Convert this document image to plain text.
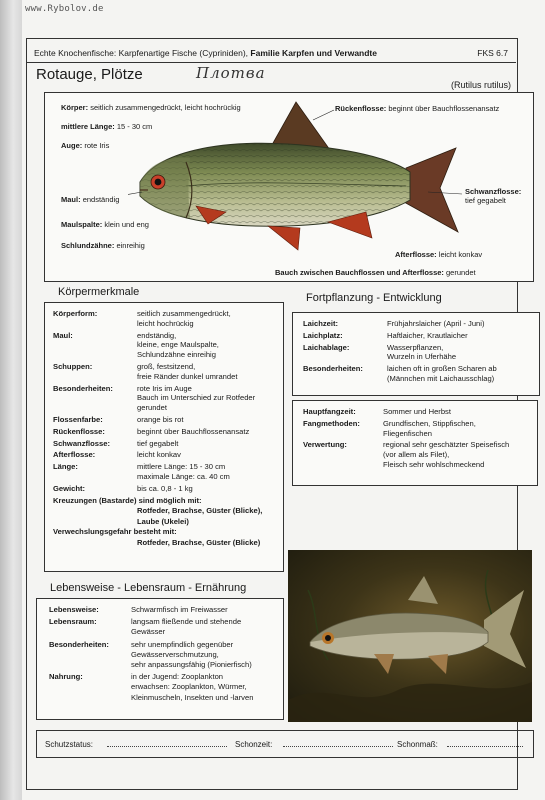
www.Rybolov.de
Echte Knochenfische: Karpfenartige Fische (Cypriniden), Familie Karpfen und Verwandte	FKS 6.7
Rotauge, Plötze	Плотва
(Rutilus rutilus)
Körper: seitlich zusammengedrückt, leicht hochrückig
mittlere Länge: 15 - 30 cm
Auge: rote Iris
Maul: endständig
Maulspalte: klein und eng
Schlundzähne: einreihig
Rückenflosse: beginnt über Bauchflossenansatz
Schwanzflosse:
tief gegabelt
Afterflosse: leicht konkav
Bauch zwischen Bauchflossen und Afterflosse: gerundet
Körpermerkmale
Körperform:	seitlich zusammengedrückt,
leicht hochrückig
Maul:	endständig,
kleine, enge Maulspalte,
Schlundzähne einreihig
Schuppen:	groß, festsitzend,
freie Ränder dunkel umrandet
Besonderheiten:	rote Iris im Auge
Bauch im Unterschied zur Rotfeder
gerundet
Flossenfarbe:	orange bis rot
Rückenflosse:	beginnt über Bauchflossenansatz
Schwanzflosse:	tief gegabelt
Afterflosse:	leicht konkav
Länge:	mittlere Länge: 15 - 30 cm
maximale Länge: ca. 40 cm
Gewicht:	bis ca. 0,8 - 1 kg
Kreuzungen (Bastarde) sind möglich mit:
Rotfeder, Brachse, Güster (Blicke),
Laube (Ukelei)
Verwechslungsgefahr besteht mit:
Rotfeder, Brachse, Güster (Blicke)
Fortpflanzung - Entwicklung
Laichzeit:	Frühjahrslaicher (April - Juni)
Laichplatz:	Haftlaicher, Krautlaicher
Laichablage:	Wasserpflanzen,
Wurzeln in Uferhähe
Besonderheiten:	laichen oft in großen Scharen ab
(Männchen mit Laichausschlag)
Hauptfangzeit:	Sommer und Herbst
Fangmethoden:	Grundfischen, Stippfischen,
Fliegenfischen
Verwertung:	regional sehr geschätzter Speisefisch
(vor allem als Filet),
Fleisch sehr wohlschmeckend
Lebensweise - Lebensraum - Ernährung
Lebensweise:	Schwarmfisch im Freiwasser
Lebensraum:	langsam fließende und stehende
Gewässer
Besonderheiten:	sehr unempfindlich gegenüber
Gewässerverschmutzung,
sehr anpassungsfähig (Pionierfisch)
Nahrung:	in der Jugend: Zooplankton
erwachsen: Zooplankton, Würmer,
Kleinmuscheln, Insekten und -larven
Schutzstatus:	Schonzeit:	Schonmaß:
